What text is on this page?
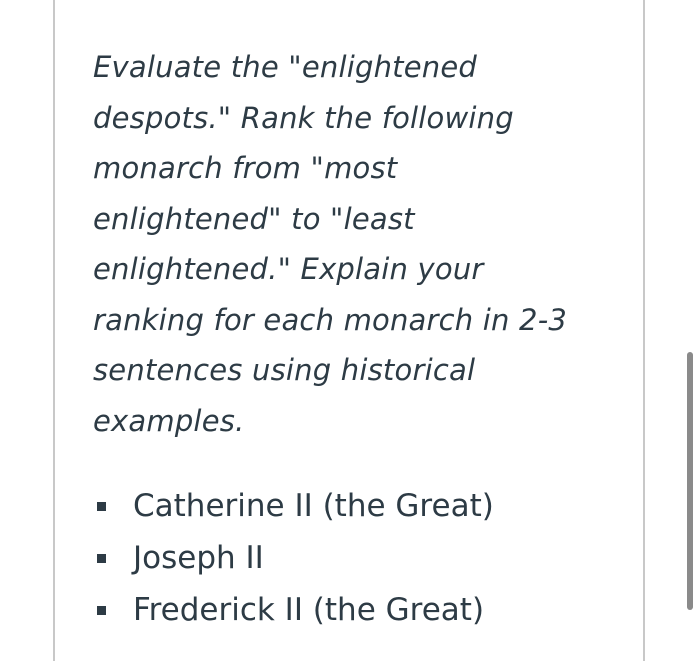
Evaluate the "enlightened
despots." Rank the following
monarch from "most
enlightened" to "least
enlightened." Explain your
ranking for each monarch in 2-3
sentences using historical
examples.

Catherine II (the Great)
Joseph II
Frederick II (the Great)
